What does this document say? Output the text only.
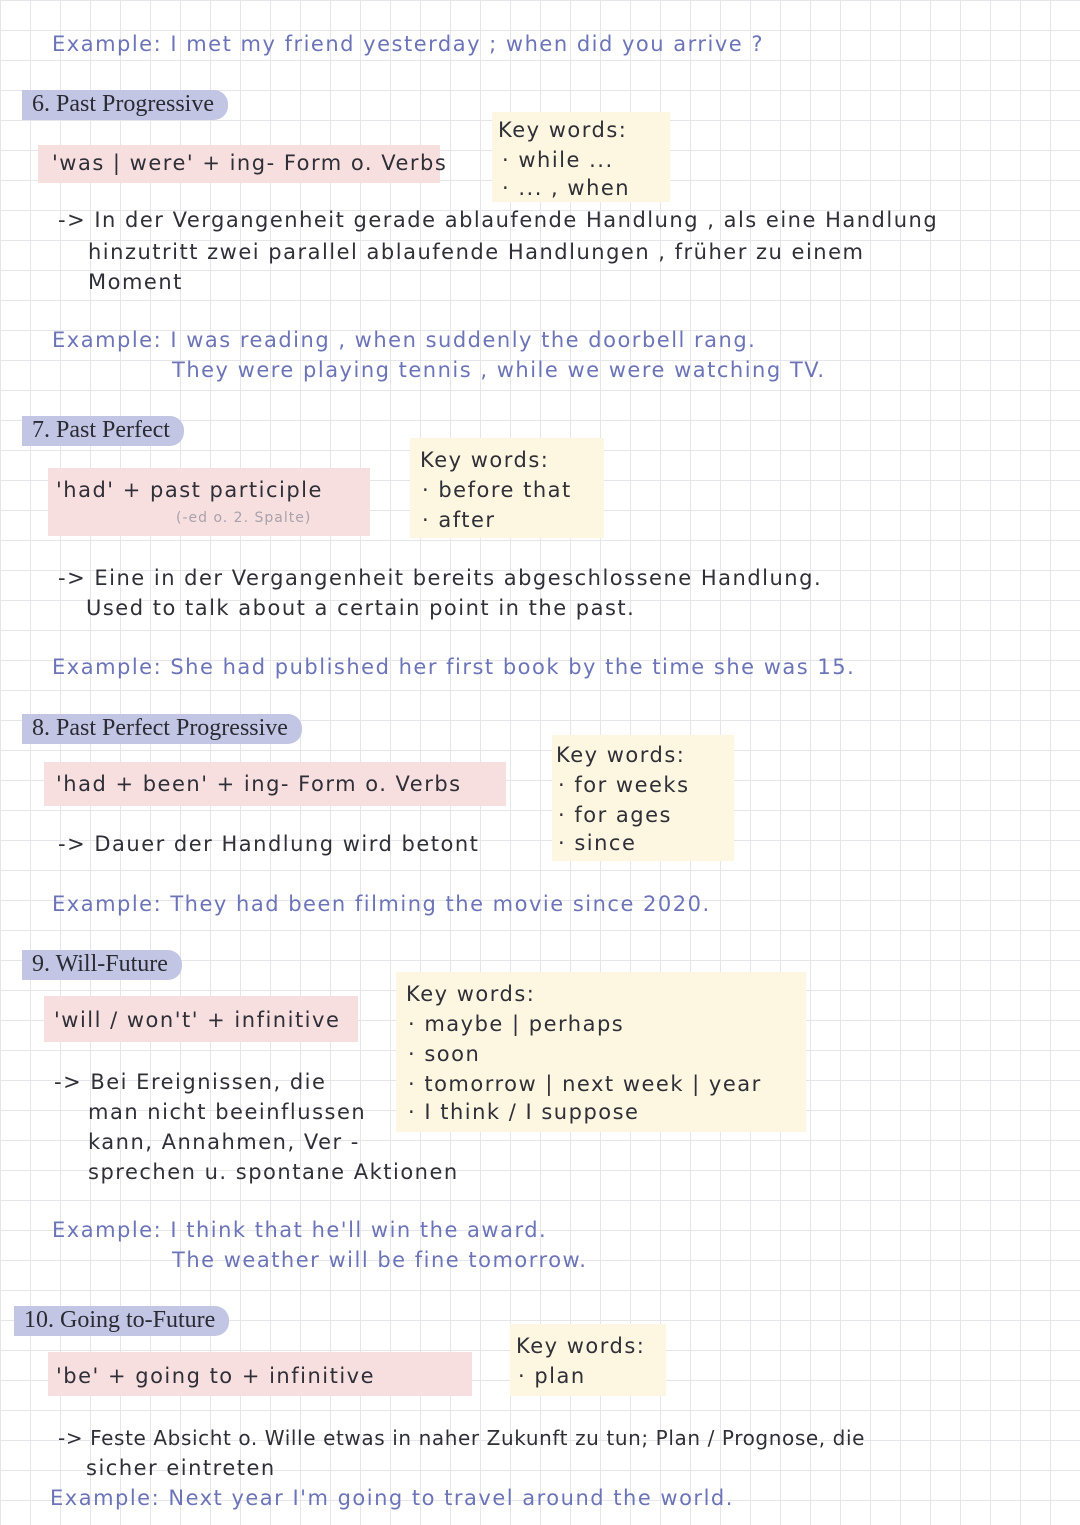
Example: I met my friend yesterday ; when did you arrive ?
6. Past Progressive
'was | were' + ing- Form o. Verbs
Key words:
· while ...
· ... , when
-> In der Vergangenheit gerade ablaufende Handlung , als eine Handlung
hinzutritt zwei parallel ablaufende Handlungen , früher zu einem
Moment
Example: I was reading , when suddenly the doorbell rang.
They were playing tennis , while we were watching TV.
7. Past Perfect
'had' + past participle
(-ed o. 2. Spalte)
Key words:
· before that
· after
-> Eine in der Vergangenheit bereits abgeschlossene Handlung.
Used to talk about a certain point in the past.
Example: She had published her first book by the time she was 15.
8. Past Perfect Progressive
'had + been' + ing- Form o. Verbs
Key words:
· for weeks
· for ages
· since
-> Dauer der Handlung wird betont
Example: They had been filming the movie since 2020.
9. Will-Future
'will / won't' + infinitive
Key words:
· maybe | perhaps
· soon
· tomorrow | next week | year
· I think / I suppose
-> Bei Ereignissen, die
man nicht beeinflussen
kann, Annahmen, Ver -
sprechen u. spontane Aktionen
Example: I think that he'll win the award.
The weather will be fine tomorrow.
10. Going to-Future
'be' + going to + infinitive
Key words:
· plan
-> Feste Absicht o. Wille etwas in naher Zukunft zu tun; Plan / Prognose, die
sicher eintreten
Example: Next year I'm going to travel around the world.
